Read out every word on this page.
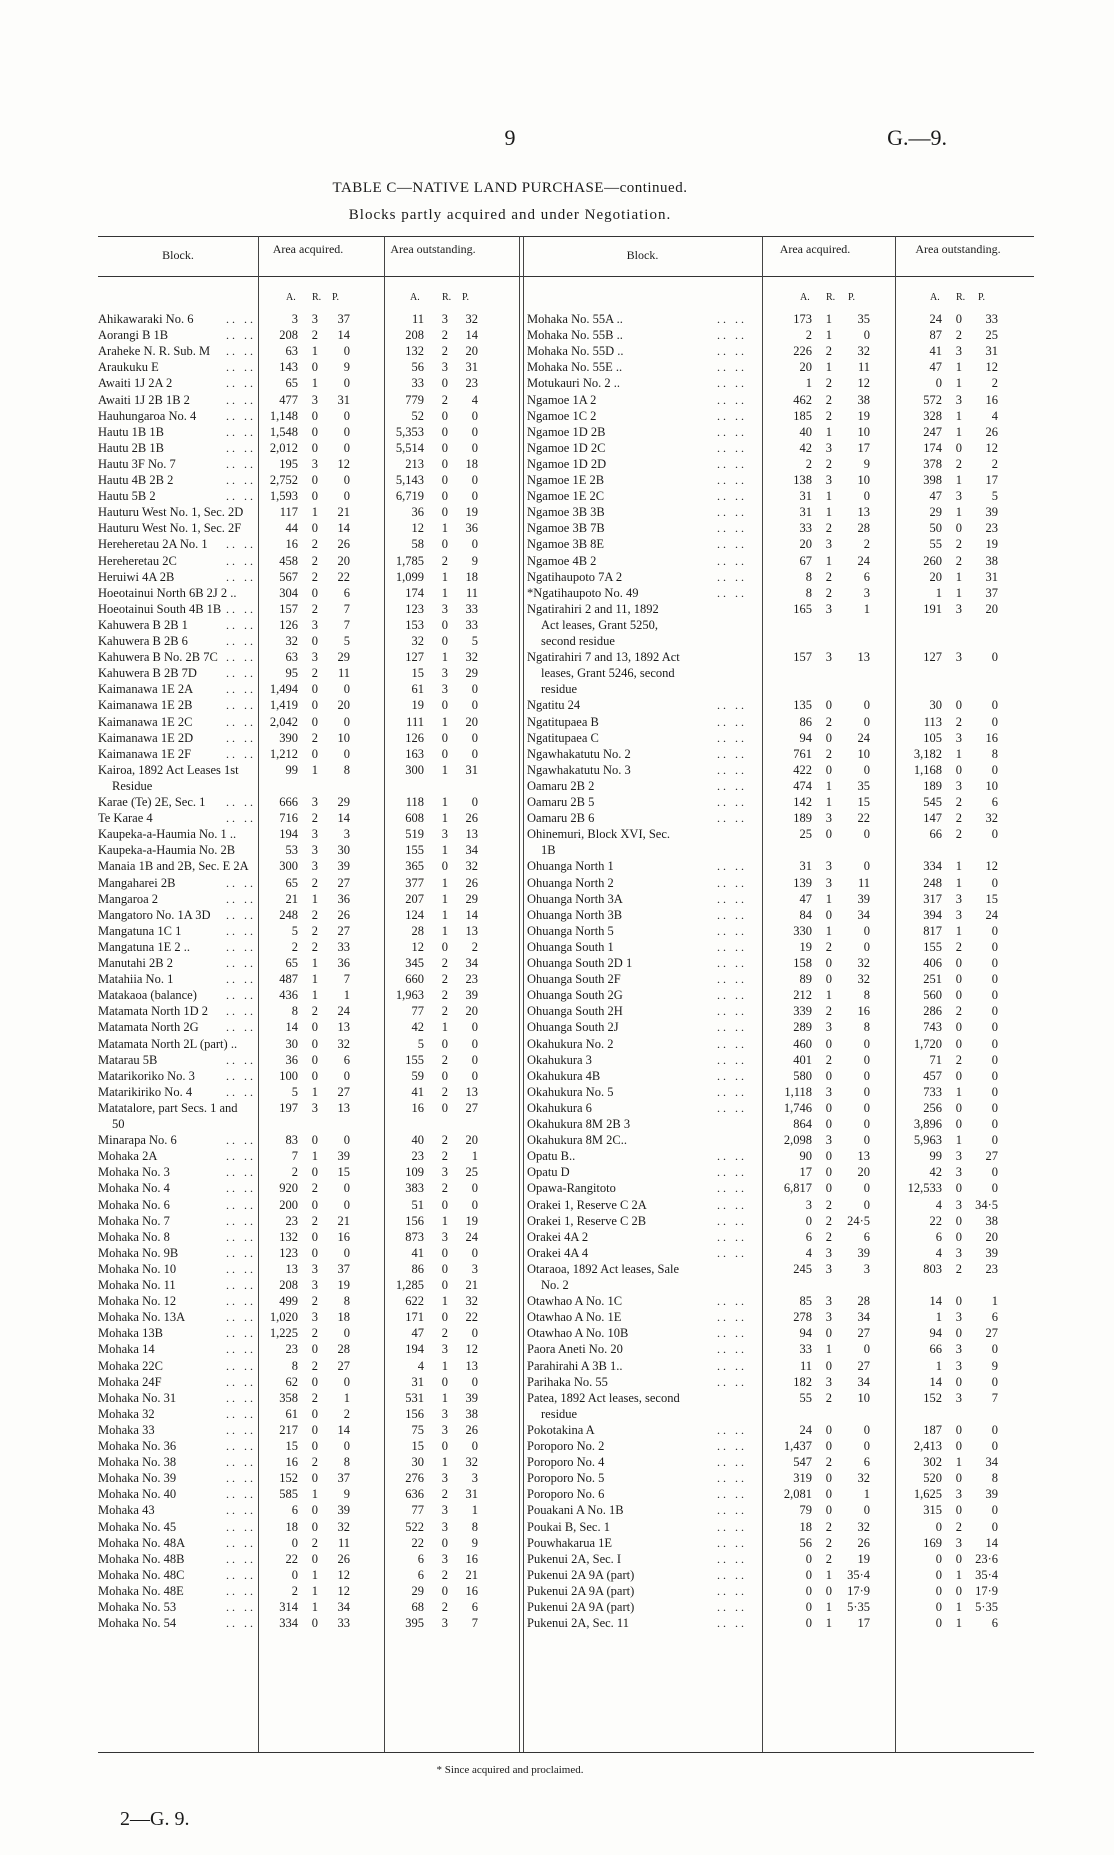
9	G.—9.
TABLE C—NATIVE LAND PURCHASE—continued.
Blocks partly acquired and under Negotiation.
Block.	Area acquired.	Area outstanding.	Block.	Area acquired.	Area outstanding.
A. R. P.	A. R. P.	A. R. P.	A. R. P.
Ahikawaraki No. 6	.. ..	3	3	37	11	3	32
Aorangi B 1B	.. ..	208	2	14	208	2	14
Araheke N. R. Sub. M .. ..	63	1	0	132	2	20
Araukuku E	.. ..	143	0	9	56	3	31
Awaiti 1J 2A 2	.. ..	65	1	0	33	0	23
Awaiti 1J 2B 1B 2	.. ..	477	3	31	779	2	4
Hauhungaroa No. 4 .. ..	1,148	0	0	52	0	0
Hautu 1B 1B	.. ..	1,548	0	0	5,353	0	0
Hautu 2B 1B	.. ..	2,012	0	0	5,514	0	0
Hautu 3F No. 7	.. ..	195	3	12	213	0	18
Hautu 4B 2B 2	.. ..	2,752	0	0	5,143	0	0
Hautu 5B 2	.. ..	1,593	0	0	6,719	0	0
Hauturu West No. 1, Sec. 2D	117	1	21	36	0	19
Hauturu West No. 1, Sec. 2F	44	0	14	12	1	36
Hereheretau 2A No. 1 .. ..	16	2	26	58	0	0
Hereheretau 2C	.. ..	458	2	20	1,785	2	9
Heruiwi 4A 2B	.. ..	567	2	22	1,099	1	18
Hoeotainui North 6B 2J 2 ..	304	0	6	174	1	11
Hoeotainui South 4B 1B .. ..	157	2	7	123	3	33
Kahuwera B 2B 1	.. ..	126	3	7	153	0	33
Kahuwera B 2B 6	.. ..	32	0	5	32	0	5
Kahuwera B No. 2B 7C .. ..	63	3	29	127	1	32
Kahuwera B 2B 7D .. ..	95	2	11	15	3	29
Kaimanawa 1E 2A	.. ..	1,494	0	0	61	3	0
Kaimanawa 1E 2B	.. ..	1,419	0	20	19	0	0
Kaimanawa 1E 2C	.. ..	2,042	0	0	111	1	20
Kaimanawa 1E 2D	.. ..	390	2	10	126	0	0
Kaimanawa 1E 2F	.. ..	1,212	0	0	163	0	0
Kairoa, 1892 Act Leases 1st	99	1	8	300	1	31
Residue
Karae (Te) 2E, Sec. 1 .. ..	666	3	29	118	1	0
Te Karae 4	.. ..	716	2	14	608	1	26
Kaupeka-a-Haumia No. 1 ..	194	3	3	519	3	13
Kaupeka-a-Haumia No. 2B	53	3	30	155	1	34
Manaia 1B and 2B, Sec. E 2A	300	3	39	365	0	32
Mangaharei 2B	.. ..	65	2	27	377	1	26
Mangaroa 2	.. ..	21	1	36	207	1	29
Mangatoro No. 1A 3D .. ..	248	2	26	124	1	14
Mangatuna 1C 1	.. ..	5	2	27	28	1	13
Mangatuna 1E 2 ..	.. ..	2	2	33	12	0	2
Manutahi 2B 2	.. ..	65	1	36	345	2	34
Matahiia No. 1	.. ..	487	1	7	660	2	23
Matakaoa (balance) .. ..	436	1	1	1,963	2	39
Matamata North 1D 2 .. ..	8	2	24	77	2	20
Matamata North 2G .. ..	14	0	13	42	1	0
Matamata North 2L (part) ..	30	0	32	5	0	0
Matarau 5B	.. ..	36	0	6	155	2	0
Matarikoriko No. 3	.. ..	100	0	0	59	0	0
Matarikiriko No. 4	.. ..	5	1	27	41	2	13
Matatalore, part Secs. 1 and	197	3	13	16	0	27
50
Minarapa No. 6	.. ..	83	0	0	40	2	20
Mohaka 2A	.. ..	7	1	39	23	2	1
Mohaka No. 3	.. ..	2	0	15	109	3	25
Mohaka No. 4	.. ..	920	2	0	383	2	0
Mohaka No. 6	.. ..	200	0	0	51	0	0
Mohaka No. 7	.. ..	23	2	21	156	1	19
Mohaka No. 8	.. ..	132	0	16	873	3	24
Mohaka No. 9B	.. ..	123	0	0	41	0	0
Mohaka No. 10	.. ..	13	3	37	86	0	3
Mohaka No. 11	.. ..	208	3	19	1,285	0	21
Mohaka No. 12	.. ..	499	2	8	622	1	32
Mohaka No. 13A	.. ..	1,020	3	18	171	0	22
Mohaka 13B	.. ..	1,225	2	0	47	2	0
Mohaka 14	.. ..	23	0	28	194	3	12
Mohaka 22C	.. ..	8	2	27	4	1	13
Mohaka 24F	.. ..	62	0	0	31	0	0
Mohaka No. 31	.. ..	358	2	1	531	1	39
Mohaka 32	.. ..	61	0	2	156	3	38
Mohaka 33	.. ..	217	0	14	75	3	26
Mohaka No. 36	.. ..	15	0	0	15	0	0
Mohaka No. 38	.. ..	16	2	8	30	1	32
Mohaka No. 39	.. ..	152	0	37	276	3	3
Mohaka No. 40	.. ..	585	1	9	636	2	31
Mohaka 43	.. ..	6	0	39	77	3	1
Mohaka No. 45	.. ..	18	0	32	522	3	8
Mohaka No. 48A	.. ..	0	2	11	22	0	9
Mohaka No. 48B	.. ..	22	0	26	6	3	16
Mohaka No. 48C	.. ..	0	1	12	6	2	21
Mohaka No. 48E	.. ..	2	1	12	29	0	16
Mohaka No. 53	.. ..	314	1	34	68	2	6
Mohaka No. 54	.. ..	334	0	33	395	3	7
Mohaka No. 55A ..	.. ..	173	1	35	24	0	33
Mohaka No. 55B ..	.. ..	2	1	0	87	2	25
Mohaka No. 55D ..	.. ..	226	2	32	41	3	31
Mohaka No. 55E ..	.. ..	20	1	11	47	1	12
Motukauri No. 2 ..	.. ..	1	2	12	0	1	2
Ngamoe 1A 2	.. ..	462	2	38	572	3	16
Ngamoe 1C 2	.. ..	185	2	19	328	1	4
Ngamoe 1D 2B	.. ..	40	1	10	247	1	26
Ngamoe 1D 2C	.. ..	42	3	17	174	0	12
Ngamoe 1D 2D	.. ..	2	2	9	378	2	2
Ngamoe 1E 2B	.. ..	138	3	10	398	1	17
Ngamoe 1E 2C	.. ..	31	1	0	47	3	5
Ngamoe 3B 3B	.. ..	31	1	13	29	1	39
Ngamoe 3B 7B	.. ..	33	2	28	50	0	23
Ngamoe 3B 8E	.. ..	20	3	2	55	2	19
Ngamoe 4B 2	.. ..	67	1	24	260	2	38
Ngatihaupoto 7A 2	.. ..	8	2	6	20	1	31
*Ngatihaupoto No. 49	.. ..	8	2	3	1	1	37
Ngatirahiri 2 and 11, 1892	165	3	1	191	3	20
Act leases, Grant 5250,
second residue
Ngatirahiri 7 and 13, 1892 Act	157	3	13	127	3	0
leases, Grant 5246, second
residue
Ngatitu 24	.. ..	135	0	0	30	0	0
Ngatitupaea B	.. ..	86	2	0	113	2	0
Ngatitupaea C	.. ..	94	0	24	105	3	16
Ngawhakatutu No. 2	.. ..	761	2	10	3,182	1	8
Ngawhakatutu No. 3	.. ..	422	0	0	1,168	0	0
Oamaru 2B 2	.. ..	474	1	35	189	3	10
Oamaru 2B 5	.. ..	142	1	15	545	2	6
Oamaru 2B 6	.. ..	189	3	22	147	2	32
Ohinemuri, Block XVI, Sec.	25	0	0	66	2	0
1B
Ohuanga North 1	.. ..	31	3	0	334	1	12
Ohuanga North 2	.. ..	139	3	11	248	1	0
Ohuanga North 3A	.. ..	47	1	39	317	3	15
Ohuanga North 3B	.. ..	84	0	34	394	3	24
Ohuanga North 5	.. ..	330	1	0	817	1	0
Ohuanga South 1	.. ..	19	2	0	155	2	0
Ohuanga South 2D 1	.. ..	158	0	32	406	0	0
Ohuanga South 2F	.. ..	89	0	32	251	0	0
Ohuanga South 2G	.. ..	212	1	8	560	0	0
Ohuanga South 2H	.. ..	339	2	16	286	2	0
Ohuanga South 2J	.. ..	289	3	8	743	0	0
Okahukura No. 2	.. ..	460	0	0	1,720	0	0
Okahukura 3	.. ..	401	2	0	71	2	0
Okahukura 4B	.. ..	580	0	0	457	0	0
Okahukura No. 5	.. ..	1,118	3	0	733	1	0
Okahukura 6	.. ..	1,746	0	0	256	0	0
Okahukura 8M 2B 3	864	0	0	3,896	0	0
Okahukura 8M 2C..	2,098	3	0	5,963	1	0
Opatu B..	.. ..	90	0	13	99	3	27
Opatu D	.. ..	17	0	20	42	3	0
Opawa-Rangitoto	.. ..	6,817	0	0	12,533	0	0
Orakei 1, Reserve C 2A	.. ..	3	2	0	4	3	34·5
Orakei 1, Reserve C 2B	.. ..	0	2	24·5	22	0	38
Orakei 4A 2	.. ..	6	2	6	6	0	20
Orakei 4A 4	.. ..	4	3	39	4	3	39
Otaraoa, 1892 Act leases, Sale	245	3	3	803	2	23
No. 2
Otawhao A No. 1C	.. ..	85	3	28	14	0	1
Otawhao A No. 1E	.. ..	278	3	34	1	3	6
Otawhao A No. 10B	.. ..	94	0	27	94	0	27
Paora Aneti No. 20	.. ..	33	1	0	66	3	0
Parahirahi A 3B 1..	.. ..	11	0	27	1	3	9
Parihaka No. 55	.. ..	182	3	34	14	0	0
Patea, 1892 Act leases, second	55	2	10	152	3	7
residue
Pokotakina A	.. ..	24	0	0	187	0	0
Poroporo No. 2	.. ..	1,437	0	0	2,413	0	0
Poroporo No. 4	.. ..	547	2	6	302	1	34
Poroporo No. 5	.. ..	319	0	32	520	0	8
Poroporo No. 6	.. ..	2,081	0	1	1,625	3	39
Pouakani A No. 1B	.. ..	79	0	0	315	0	0
Poukai B, Sec. 1	.. ..	18	2	32	0	2	0
Pouwhakarua 1E	.. ..	56	2	26	169	3	14
Pukenui 2A, Sec. I	.. ..	0	2	19	0	0	23·6
Pukenui 2A 9A (part)	.. ..	0	1	35·4	0	1	35·4
Pukenui 2A 9A (part)	.. ..	0	0	17·9	0	0	17·9
Pukenui 2A 9A (part)	.. ..	0	1	5·35	0	1	5·35
Pukenui 2A, Sec. 11	.. ..	0	1	17	0	1	6
* Since acquired and proclaimed.
2—G. 9.
